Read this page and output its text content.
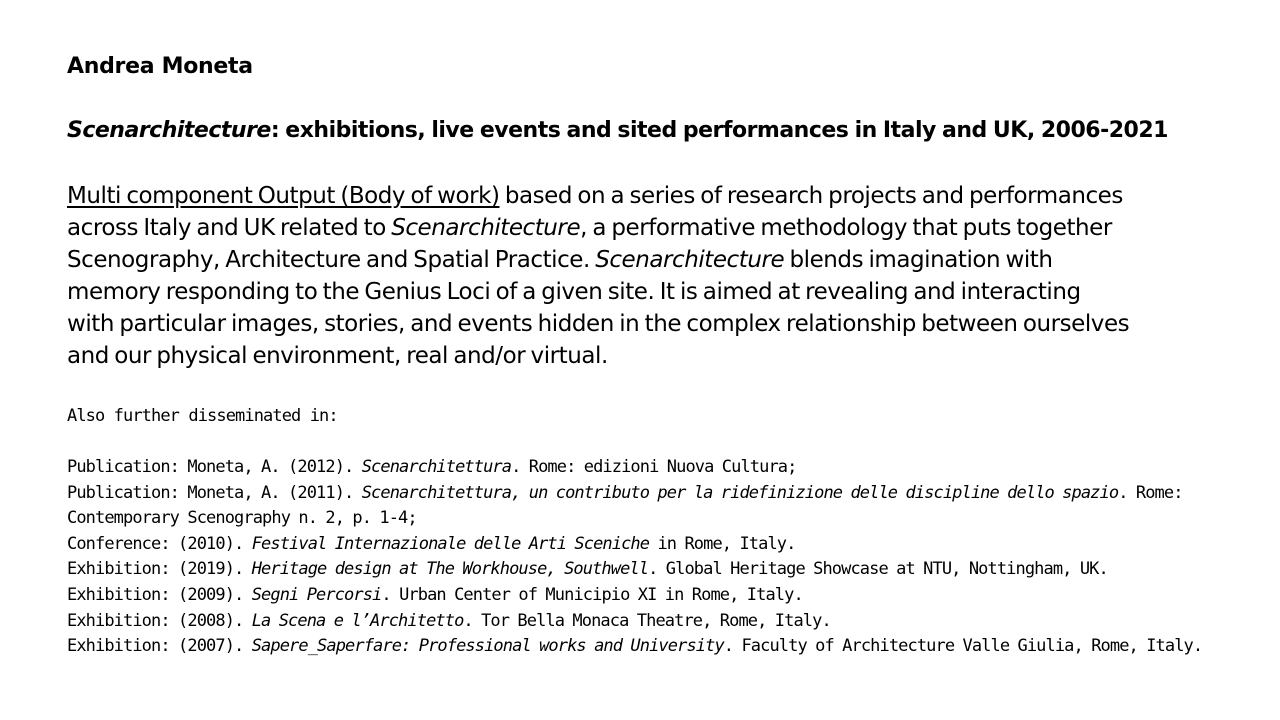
Andrea Moneta
Scenarchitecture: exhibitions, live events and sited performances in Italy and UK, 2006-2021

Multi component Output (Body of work) based on a series of research projects and performances
across Italy and UK related to Scenarchitecture, a performative methodology that puts together
Scenography, Architecture and Spatial Practice. Scenarchitecture blends imagination with
memory responding to the Genius Loci of a given site. It is aimed at revealing and interacting
with particular images, stories, and events hidden in the complex relationship between ourselves
and our physical environment, real and/or virtual.

Also further disseminated in:

Publication: Moneta, A. (2012). Scenarchitettura. Rome: edizioni Nuova Cultura;
Publication: Moneta, A. (2011). Scenarchitettura, un contributo per la ridefinizione delle discipline dello spazio. Rome:
Contemporary Scenography n. 2, p. 1-4;
Conference: (2010). Festival Internazionale delle Arti Sceniche in Rome, Italy.
Exhibition: (2019). Heritage design at The Workhouse, Southwell. Global Heritage Showcase at NTU, Nottingham, UK.
Exhibition: (2009). Segni Percorsi. Urban Center of Municipio XI in Rome, Italy.
Exhibition: (2008). La Scena e l’Architetto. Tor Bella Monaca Theatre, Rome, Italy.
Exhibition: (2007). Sapere_Saperfare: Professional works and University. Faculty of Architecture Valle Giulia, Rome, Italy.
